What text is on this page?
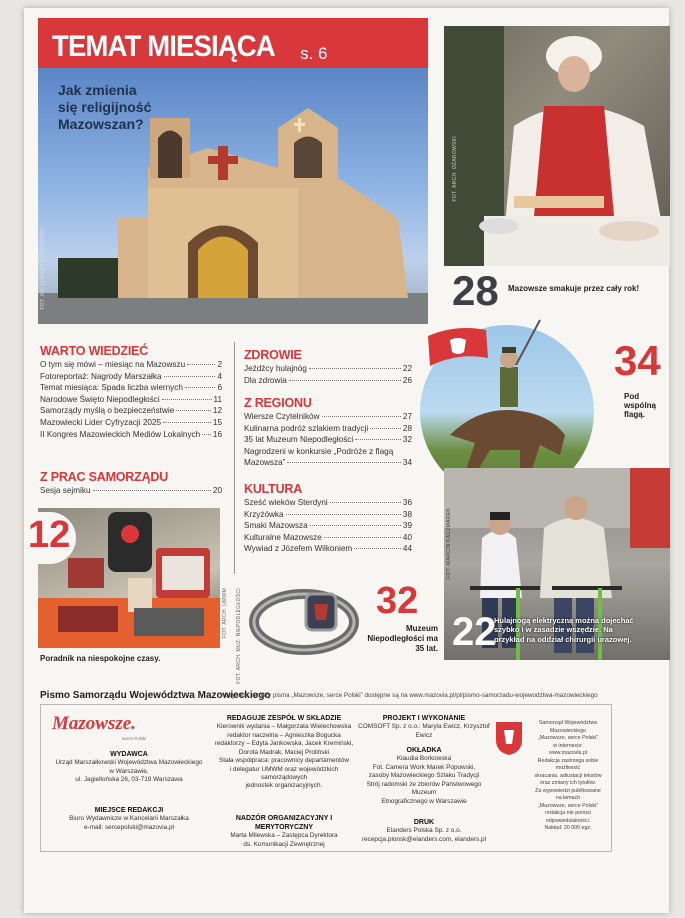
TEMAT MIESIĄCA s. 6
Jak zmienia
się religijność
Mazowszan?
FOT. KS. ŁUKASZ ZIÓŁKOWSKI
FOT. ARCH. OŻAROWSKI
28 Mazowsze smakuje przez cały rok!
34
Pod wspólną flagą.
FOT. MARCIN KACZMAREK
22
Hulajnogą elektryczną można dojechać szybko i w zasadzie wszędzie. Na przykład na oddział chirurgii urazowej.
WARTO WIEDZIEĆ
O tym się mówi – miesiąc na Mazowszu	2
Fotoreportaż: Nagrody Marszałka	4
Temat miesiąca: Spada liczba wiernych	6
Narodowe Święto Niepodległości	11
Samorządy myślą o bezpieczeństwie	12
Mazowiecki Lider Cyfryzacji 2025	15
II Kongres Mazowieckich Mediów Lokalnych 16
Z PRAC SAMORZĄDU
Sesja sejmiku	20
ZDROWIE
Jeźdźcy hulajnóg	22
Dla zdrowia	26
Z REGIONU
Wiersze Czytelników	27
Kulinarna podróż szlakiem tradycji	28
35 lat Muzeum Niepodległości	32
Nagrodzeni w konkursie „Podróże z flagą
Mazowsza”	34
KULTURA
Sześć wieków Sterdyni	36
Krzyżówka	38
Smaki Mazowsza	39
Kulturalne Mazowsze	40
Wywiad z Józefem Wilkoniem	44
FOT. ARCH. UMWM
12
Poradnik na niespokojne czasy.	FOT. ARCH. MUZ. NIEPODLEGŁOŚCI	32
Muzeum
Niepodległości ma
35 lat.
Pismo Samorządu Województwa Mazowieckiego
Wszystkie numery pisma „Mazowsze, serce Polski” dostępne są na www.mazovia.pl/pl/pismo-samorzadu-wojewodztwa-mazowieckiego
Mazowsze.
serce Polski
WYDAWCA
Urząd Marszałkowski Województwa Mazowieckiego
w Warszawie,
ul. Jagiellońska 26, 03-719 Warszawa
MIEJSCE REDAKCJI
Biuro Wydawnicze w Kancelarii Marszałka
e-mail: sercepolski@mazovia.pl
REDAGUJE ZESPÓŁ W SKŁADZIE
Kierownik wydania – Małgorzata Wielechowska
redaktor naczelna – Agnieszka Bogucka
redaktorzy – Edyta Jankowska, Jacek Kremiński,
Dorota Madrak, Maciej Proliński
Stała współpraca: pracownicy departamentów
i delegatur UMWM oraz wojewódzkich samorządowych
jednostek organizacyjnych.
NADZÓR ORGANIZACYJNY I MERYTORYCZNY
Marta Milewska – Zastępca Dyrektora
ds. Komunikacji Zewnętrznej
PROJEKT I WYKONANIE
COMSOFT Sp. z o.o.: Maryla Ewicz, Krzysztof Ewicz
OKŁADKA
Klaudia Borkowska
Fot. Camera Work Marek Popowski,
zasoby Mazowieckiego Szlaku Tradycji
Strój radomski ze zbiorów Państwowego Muzeum
Etnograficznego w Warszawie
DRUK
Elanders Polska Sp. z o.o.
recepcja.plonsk@elanders.com, elanders.pl
Samorząd Województwa
Mazowieckiego
„Mazowsze, serce Polski”
w internecie:
www.mazovia.pl
Redakcja zastrzega sobie możliwość
skracania, adiustacji tekstów
oraz zmiany ich tytułów.
Za wypowiedzi publikowane
na łamach
„Mazowsze, serce Polski”
redakcja nie ponosi odpowiedzialności.
Nakład: 20 000 egz.
